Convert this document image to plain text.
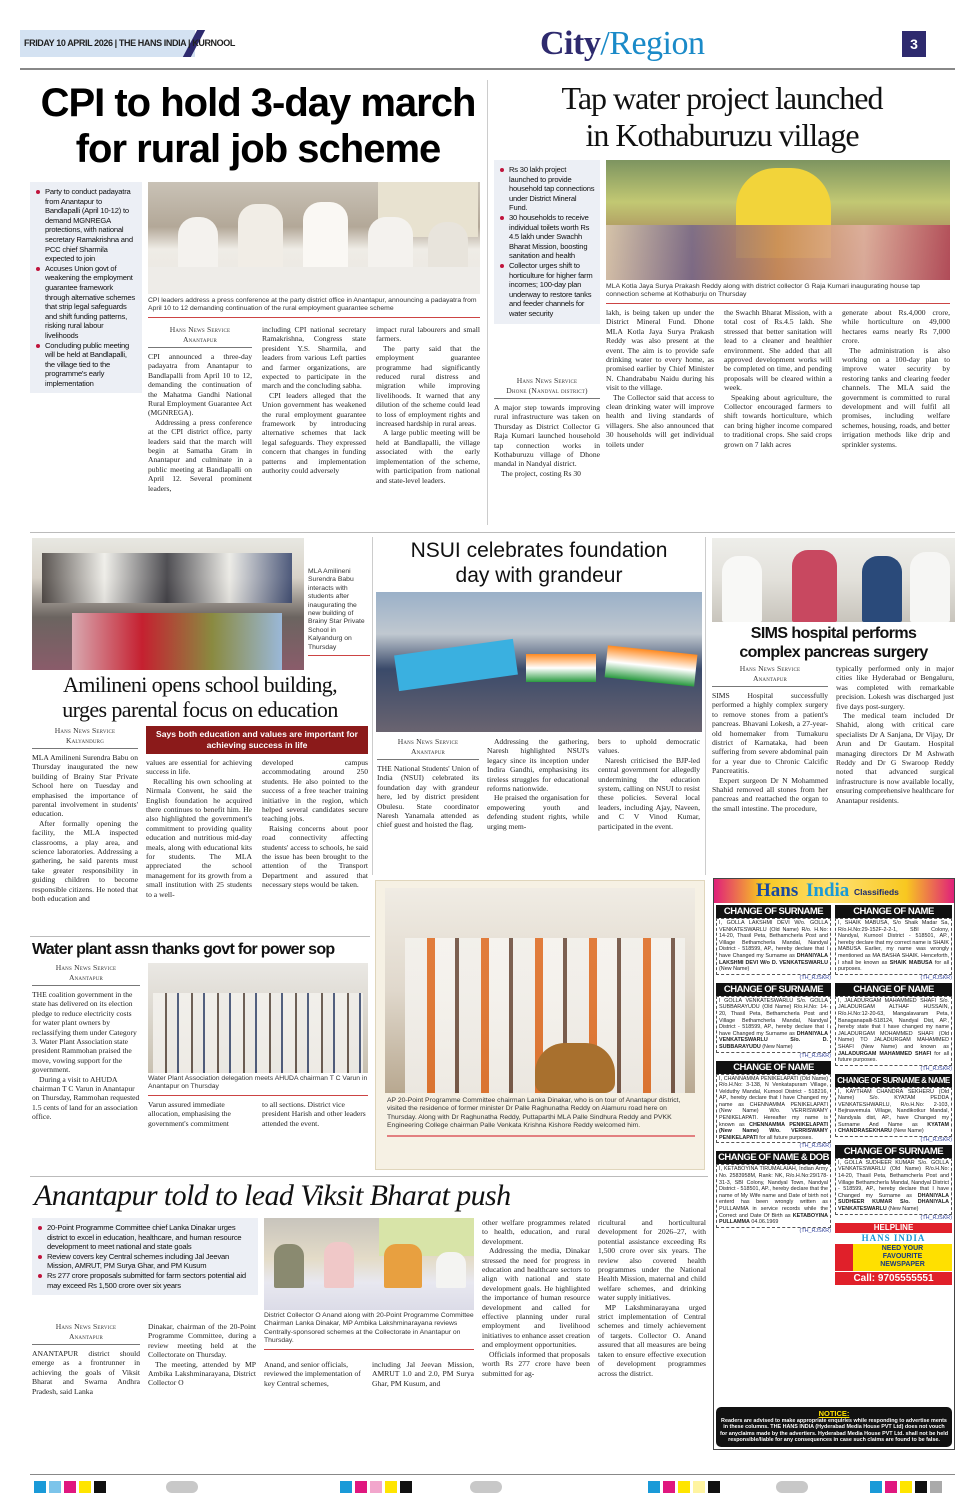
FRIDAY 10 APRIL 2026 | THE HANS INDIA | KURNOOL	City/Region	3
CPI to hold 3-day march
for rural job scheme
Party to conduct padayatra from Anantapur to Bandlapalli (April 10-12) to demand MGNREGA protections, with national secretary Ramakrishna and PCC chief Sharmila expected to join
Accuses Union govt of weakening the employment guarantee framework through alternative schemes that strip legal safeguards and shift funding patterns, risking rural labour livelihoods
Concluding public meeting will be held at Bandlapalli, the village tied to the programme's early implementation
CPI leaders address a press conference at the party district office in Anantapur, announcing a padayatra from April 10 to 12 demanding continuation of the rural employment guarantee scheme
Hans News Service
Anantapur

CPI announced a three-day padayatra from Anantapur to Bandlapalli from April 10 to 12, demanding the continuation of the Mahatma Gandhi National Rural Employment Guarantee Act (MGNREGA).

Addressing a press conference at the CPI district office, party leaders said that the march will begin at Samatha Gram in Anantapur and culminate in a public meeting at Bandlapalli on April 12. Several prominent leaders,

including CPI national secretary Ramakrishna, Congress state president Y.S. Sharmila, and leaders from various Left parties and farmer organizations, are expected to participate in the march and the concluding sabha.

CPI leaders alleged that the Union government has weakened the rural employment guarantee framework by introducing alternative schemes that lack legal safeguards. They expressed concern that changes in funding patterns and implementation authority could adversely

impact rural labourers and small farmers.

The party said that the employment guarantee programme had significantly reduced rural distress and migration while improving livelihoods. It warned that any dilution of the scheme could lead to loss of employment rights and increased hardship in rural areas.

A large public meeting will be held at Bandlapalli, the village associated with the early implementation of the scheme, with participation from national and state-level leaders.

Tap water project launched
in Kothaburuzu village
Rs 30 lakh project launched to provide household tap connections under District Mineral Fund.
30 households to receive individual toilets worth Rs 4.5 lakh under Swachh Bharat Mission, boosting sanitation and health
Collector urges shift to horticulture for higher farm incomes; 100-day plan underway to restore tanks and feeder channels for water security
MLA Kotla Jaya Surya Prakash Reddy along with district collector G Raja Kumari inaugurating house tap connection scheme at Kothaburju on Thursday
Hans News Service
Dhone (Nandyal district)

A major step towards improving rural infrastructure was taken on Thursday as District Collector G Raja Kumari launched household tap connection works in Kothaburuzu village of Dhone mandal in Nandyal district.

The project, costing Rs 30

lakh, is being taken up under the District Mineral Fund. Dhone MLA Kotla Jaya Surya Prakash Reddy was also present at the event. The aim is to provide safe drinking water to every home, as promised earlier by Chief Minister N. Chandrababu Naidu during his visit to the village.

The Collector said that access to clean drinking water will improve health and living standards of villagers. She also announced that 30 households will get individual toilets under

the Swachh Bharat Mission, with a total cost of Rs.4.5 lakh. She stressed that better sanitation will lead to a cleaner and healthier environment. She added that all approved development works will be completed on time, and pending proposals will be cleared within a week.

Speaking about agriculture, the Collector encouraged farmers to shift towards horticulture, which can bring higher income compared to traditional crops. She said crops grown on 7 lakh acres

generate about Rs.4,000 crore, while horticulture on 49,000 hectares earns nearly Rs 7,000 crore.

The administration is also working on a 100-day plan to improve water security by restoring tanks and clearing feeder channels. The MLA said the government is committed to rural development and will fulfil all promises, including welfare schemes, housing, roads, and better irrigation methods like drip and sprinkler systems.

MLA Amilineni Surendra Babu interacts with students after inaugurating the new building of Brainy Star Private School in Kalyandurg on Thursday
Amilineni opens school building,
urges parental focus on education
Says both education and values are important for achieving success in life
Hans News Service
Kalyandurg

MLA Amilineni Surendra Babu on Thursday inaugurated the new building of Brainy Star Private School here on Tuesday and emphasised the importance of parental involvement in students' education.

After formally opening the facility, the MLA inspected classrooms, a play area, and science laboratories. Addressing a gathering, he said parents must take greater responsibility in guiding children to become responsible citizens. He noted that both education and

values are essential for achieving success in life.

Recalling his own schooling at Nirmala Convent, he said the English foundation he acquired there continues to benefit him. He also highlighted the government's commitment to providing quality education and nutritious mid-day meals, along with educational kits for students. The MLA appreciated the school management for its growth from a small institution with 25 students to a well-

developed campus accommodating around 250 students. He also pointed to the success of a free teacher training initiative in the region, which helped several candidates secure teaching jobs.

Raising concerns about poor road connectivity affecting students' access to schools, he said the issue has been brought to the attention of the Transport Department and assured that necessary steps would be taken.

NSUI celebrates foundation
day with grandeur
Hans News Service
Anantapur

THE National Students' Union of India (NSUI) celebrated its foundation day with grandeur here, led by district president Obulesu. State coordinator Naresh Yanamala attended as chief guest and hoisted the flag.

Addressing the gathering, Naresh highlighted NSUI's legacy since its inception under Indira Gandhi, emphasising its tireless struggles for educational reforms nationwide.

He praised the organisation for empowering youth and defending student rights, while urging mem-

bers to uphold democratic values.

Naresh criticised the BJP-led central government for allegedly undermining the education system, calling on NSUI to resist these policies. Several local leaders, including Ajay, Naveen, and C V Vinod Kumar, participated in the event.

SIMS hospital performs
complex pancreas surgery
Hans News Service
Anantapur

SIMS Hospital successfully performed a highly complex surgery to remove stones from a patient's pancreas. Bhavani Lokesh, a 27-year-old homemaker from Tumakuru district of Karnataka, had been suffering from severe abdominal pain for a year due to Chronic Calcific Pancreatitis.

Expert surgeon Dr N Mohammed Shahid removed all stones from her pancreas and reattached the organ to the small intestine. The procedure,

typically performed only in major cities like Hyderabad or Bengaluru, was completed with remarkable precision. Lokesh was discharged just five days post-surgery.

The medical team included Dr Shahid, along with critical care specialists Dr A Sanjana, Dr Vijay, Dr Arun and Dr Gautam. Hospital managing directors Dr M Ashwath Reddy and Dr G Swaroop Reddy noted that advanced surgical infrastructure is now available locally, ensuring comprehensive healthcare for Anantapur residents.

Water plant assn thanks govt for power sop
Hans News Service
Anantapur

THE coalition government in the state has delivered on its election pledge to reduce electricity costs for water plant owners by reclassifying them under Category 3. Water Plant Association state president Rammohan praised the move, vowing support for the government.

During a visit to AHUDA chairman T C Varun in Anantapur on Thursday, Rammohan requested 1.5 cents of land for an association office.

Water Plant Association delegation meets AHUDA chairman T C Varun in Anantapur on Thursday

Varun assured immediate allocation, emphasising the government's commitment

to all sections. District vice president Harish and other leaders attended the event.

AP 20-Point Programme Committee chairman Lanka Dinakar, who is on tour of Anantapur district, visited the residence of former minister Dr Palle Raghunatha Reddy on Alamuru road here on Thursday. Along with Dr Raghunatha Reddy, Puttaparthi MLA Palle Sindhura Reddy and PVKK Engineering College chairman Palle Venkata Krishna Kishore Reddy welcomed him.
Anantapur told to lead Viksit Bharat push
20-Point Programme Committee chief Lanka Dinakar urges district to excel in education, healthcare, and human resource development to meet national and state goals
Review covers key Central schemes including Jal Jeevan Mission, AMRUT, PM Surya Ghar, and PM Kusum
Rs 277 crore proposals submitted for farm sectors potential aid may exceed Rs 1,500 crore over six years
District Collector O Anand along with 20-Point Programme Committee Chairman Lanka Dinakar, MP Ambika Lakshminarayana reviews Centrally-sponsored schemes at the Collectorate in Anantapur on Thursday.
Hans News Service
Anantapur

ANANTAPUR district should emerge as a frontrunner in achieving the goals of Viksit Bharat and Swarna Andhra Pradesh, said Lanka

Dinakar, chairman of the 20-Point Programme Committee, during a review meeting held at the Collectorate on Thursday.

The meeting, attended by MP Ambika Lakshminarayana, District Collector O

Anand, and senior officials, reviewed the implementation of key Central schemes,

including Jal Jeevan Mission, AMRUT 1.0 and 2.0, PM Surya Ghar, PM Kusum, and

other welfare programmes related to health, education, and rural development.

Addressing the media, Dinakar stressed the need for progress in education and healthcare sectors to align with national and state development goals. He highlighted the importance of human resource development and called for effective planning under rural employment and livelihood initiatives to enhance asset creation and employment opportunities.

Officials informed that proposals worth Rs 277 crore have been submitted for ag-

ricultural and horticultural development for 2026–27, with potential assistance exceeding Rs 1,500 crore over six years. The review also covered health programmes under the National Health Mission, maternal and child welfare schemes, and drinking water supply initiatives.

MP Lakshminarayana urged strict implementation of Central schemes and timely achievement of targets. Collector O. Anand assured that all measures are being taken to ensure effective execution of development programmes across the district.

Hans India Classifieds
CHANGE OF SURNAME
I, GOLLA LAKSHMI DEVI W/o. GOLLA VENKATESWARLU (Old Name) R/o. H.No: 14-20, Thasil Peta, Bethamcherla Post and Village Bethamcherla Mandal, Nandyal District - 518599, AP., hereby declare that I have Changed my Surname as DHANIYALA LAKSHMI DEVI W/o D. VENKATESWARLU (New Name)
(TH_RJSKR)
CHANGE OF SURNAME
I GOLLA VENKATESWARLU S/o. GOLLA SUBBARAYUDU (Old Name) R/o.H.No: 14-20, Thasil Peta, Bethamcherla Post and Village Bethamcherla Mandal, Nandyal District - 518599, AP., hereby declare that I have Changed my Surname as DHANIYALA VENKATESWARLU S/o. D. SUBBARAYUDU (New Name)
(TH_RJSKR)
CHANGE OF NAME
I, CHANNAMMA PENIKELAPATI (Old Name) R/o.H.No: 3-138, N Venkatapuram Village, Velduthy Mandal, Kurnool District - 518216, AP., hereby declare that I have Changed my name as CHENNAMMA PENIKELAPATI (New Name) W/o. VERRISWAMY PENIKELAPATI. Hereafter my name is known as CHENNAMMA PENIKELAPATI (New Name) W/o. VERRISWAMY PENIKELAPATI for all future purposes.
(TH_RJSKR)
CHANGE OF NAME & DOB
I, KETABOYINA TIRUMALAIAH, Indian Army No. 2583958M, Rank: NK, R/o.H.No:29/178-31-3, SBI Colony, Nandyal Town, Nandyal District - 518501, AP., hereby declare that the name of My Wife name and Date of birth not enterd has been wrongly written as PULLAMMA in service records while the Correct and Date Of Birth as KETABOYINA PULLAMMA 04.06.1969
(TH_RJSKR)
CHANGE OF NAME
I, SHAIK MABUSA, S/o Shaik Madar Sa, R/o.H.No:29-152F-2-2-1, SBI Colony, Nandyal, Kurnool District - 518501, AP., hereby declare that my correct name is SHAIK MABUSA Earlier, my name was wrongly mentioned as MA BASHA SHAIK. Henceforth, I shall be known as SHAIK MABUSA for all purposes.
(TH_RJSKR)
CHANGE OF NAME
I, JALADURGAM MAHAMMED SHAFI S/o. JALADURGAM ALTHAF HUSSAIN, R/o.H.No:12-20-63, Mangalavaram Peta, Banaganapalli-518124, Nandyal Dist, AP., hereby state that I have changed my name JALADURGAM MOHAMMED SHAFI (Old Name) TO JALADURGAM MAHAMMED SHAFI (New Name) and known as JALADURGAM MAHAMMED SHAFI for all future purposes.
(TH_RJSKR)
CHANGE OF SURNAME & NAME
I, KAYTHAM CHANDRA SEKHERU (Old Name) S/o. KYATAM PEDDA VENKATESHWARLU, R/o.H.No: 2-103, Bejinavemula Village, Nandikotkur Mandal, Nandyala dist, AP., have Changed my Surname And Name as KYATAM CHANDRASEKHARU (New Name)
(TH_RJSKR)
CHANGE OF SURNAME
I, GOLLA SUDHEER KUMAR S/o. GOLLA VENKATESWARLU (Old Name) R/o.H.No: 14-20, Thasil Peta, Bethamcherla Post and Village Bethamcherla Mandal, Nandyal District - 518599, AP., hereby declare that I have Changed my Surname as DHANIYALA SUDHEER KUMAR S/o. DHANIYALA VENKATESWARLU (New Name)
(TH_RJSKR)
HELPLINE
HANS INDIA
NEED YOUR
FAVOURITE
NEWSPAPER
Call: 9705555551
NOTICE:
Readers are advised to make appropriate enquiries while responding to advertise ments in these columns. THE HANS INDIA (Hyderabad Media House PVT Ltd) does not vouch for anyclaims made by the advertiers. Hyderabad Media House PVT Ltd. shall not be held responsible/liable for any consequences in case such claims are found to be false.
